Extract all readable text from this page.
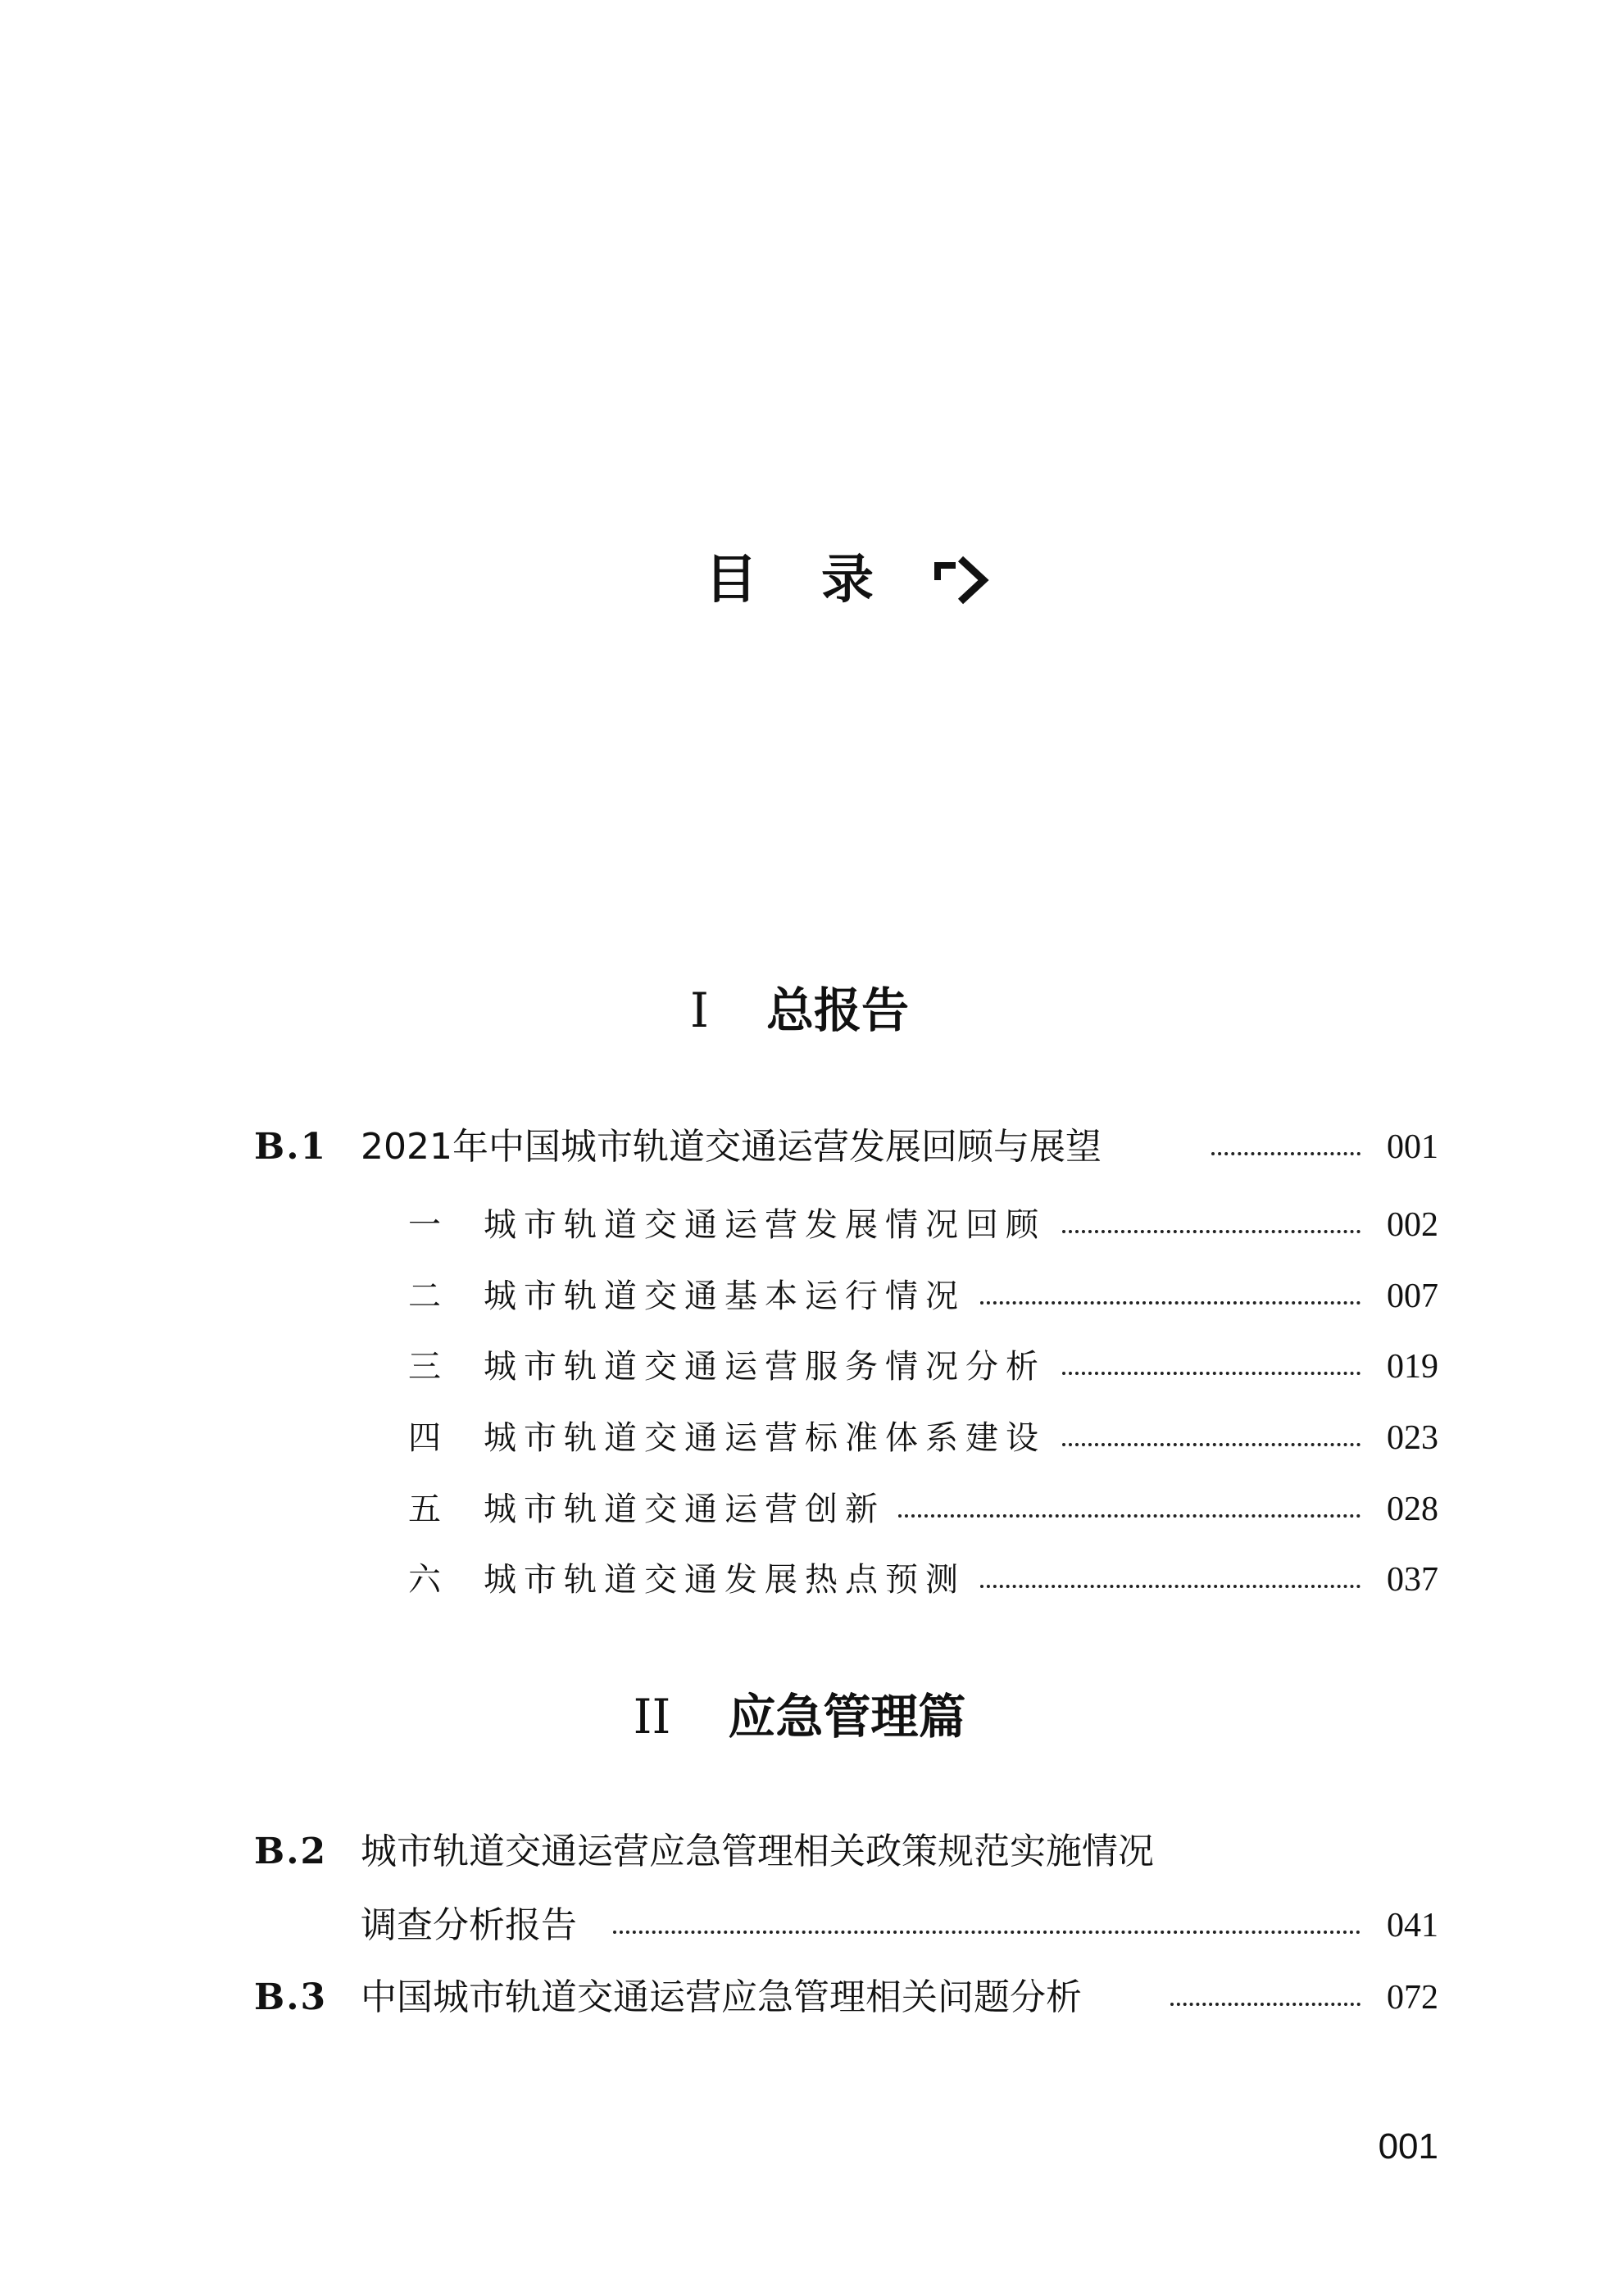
目 录
I 总报告
B.1 2021年中国城市轨道交通运营发展回顾与展望	001
一 城市轨道交通运营发展情况回顾	002
二 城市轨道交通基本运行情况	007
三 城市轨道交通运营服务情况分析	019
四 城市轨道交通运营标准体系建设	023
五 城市轨道交通运营创新	028
六 城市轨道交通发展热点预测	037
II 应急管理篇
B.2 城市轨道交通运营应急管理相关政策规范实施情况
调查分析报告	041
B.3 中国城市轨道交通运营应急管理相关问题分析	072
001
